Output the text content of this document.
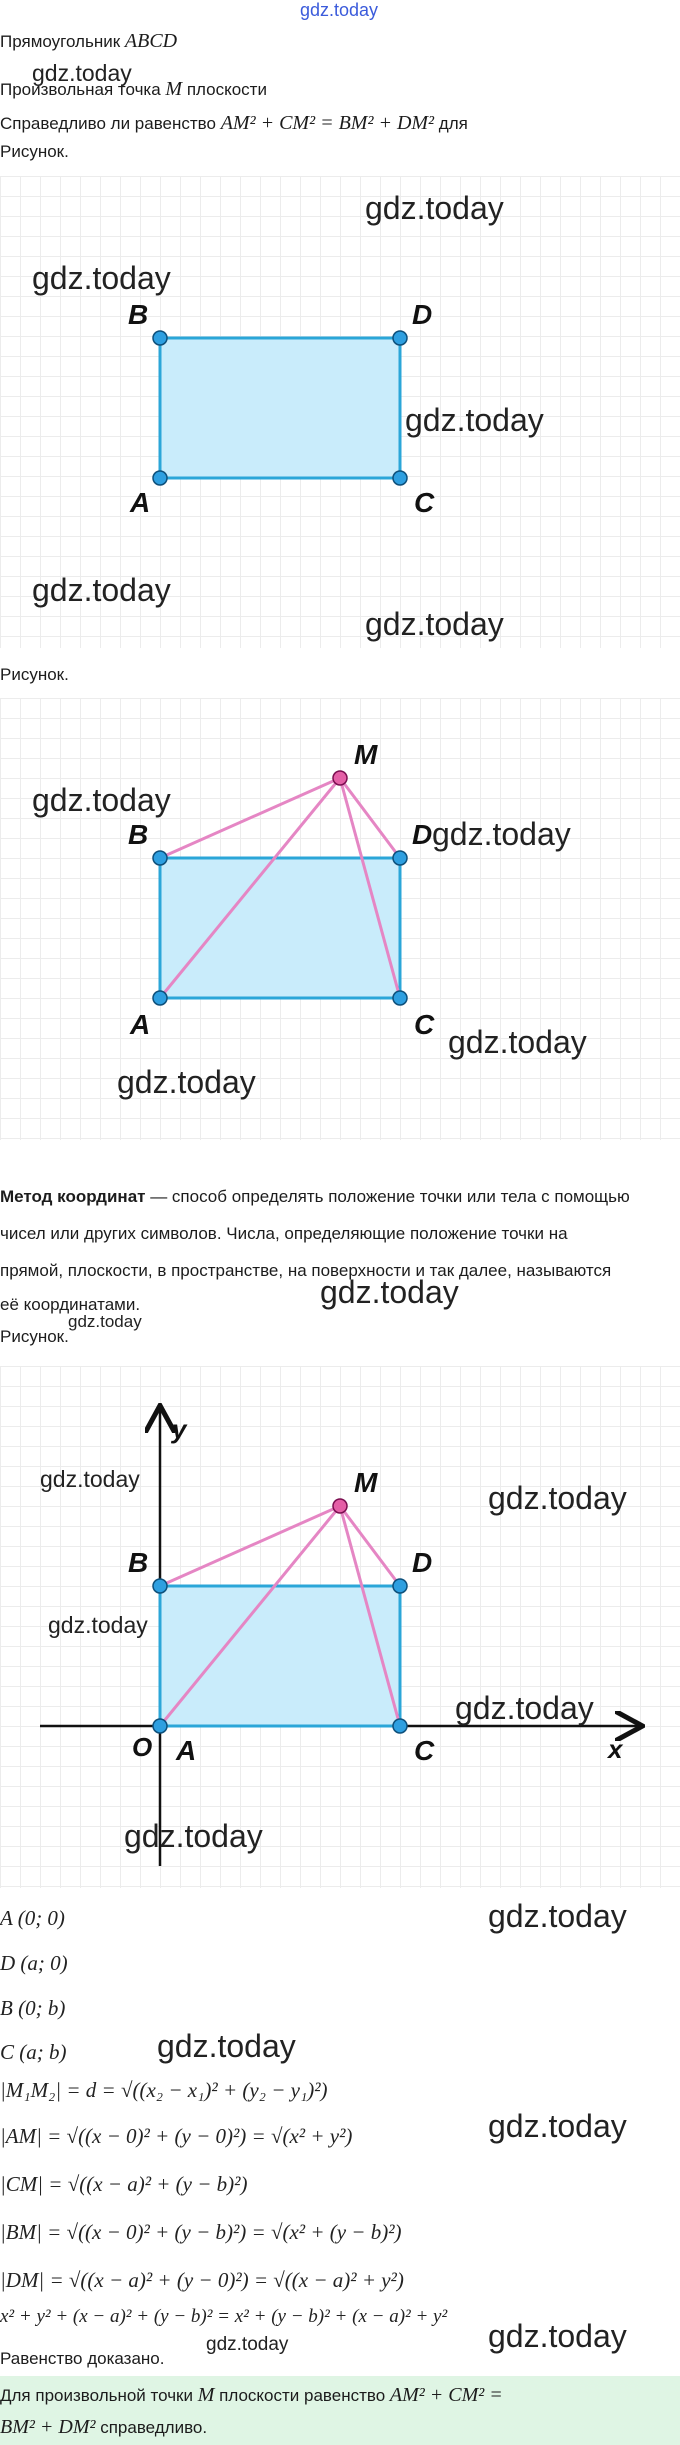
gdz.today
Прямоугольник ABCD
gdz.today
Произвольная точка M плоскости
Справедливо ли равенство AM² + CM² = BM² + DM² для
Рисунок.
B	D
A	C
gdz.today
gdz.today
gdz.today
gdz.today
gdz.today
Рисунок.
M
B	D
A	C
gdz.today
gdz.today
gdz.today
gdz.today
Метод координат — способ определять положение точки или тела с помощью
чисел или других символов. Числа, определяющие положение точки на
прямой, плоскости, в пространстве, на поверхности и так далее, называются
её координатами.	gdz.today
gdz.today
Рисунок.
y
x
O
M
B	D
A	C
gdz.today
gdz.today
gdz.today
gdz.today
gdz.today
A (0; 0)
D (a; 0)
B (0; b)
C (a; b)
gdz.today
gdz.today
|M₁M₂| = d = √((x₂ − x₁)² + (y₂ − y₁)²)
|AM| = √((x − 0)² + (y − 0)²) = √(x² + y²)	gdz.today
|CM| = √((x − a)² + (y − b)²)
|BM| = √((x − 0)² + (y − b)²) = √(x² + (y − b)²)
|DM| = √((x − a)² + (y − 0)²) = √((x − a)² + y²)
x² + y² + (x − a)² + (y − b)² = x² + (y − b)² + (x − a)² + y²
Равенство доказано.
gdz.today	gdz.today
Для произвольной точки M плоскости равенство AM² + CM² =
BM² + DM² справедливо.
